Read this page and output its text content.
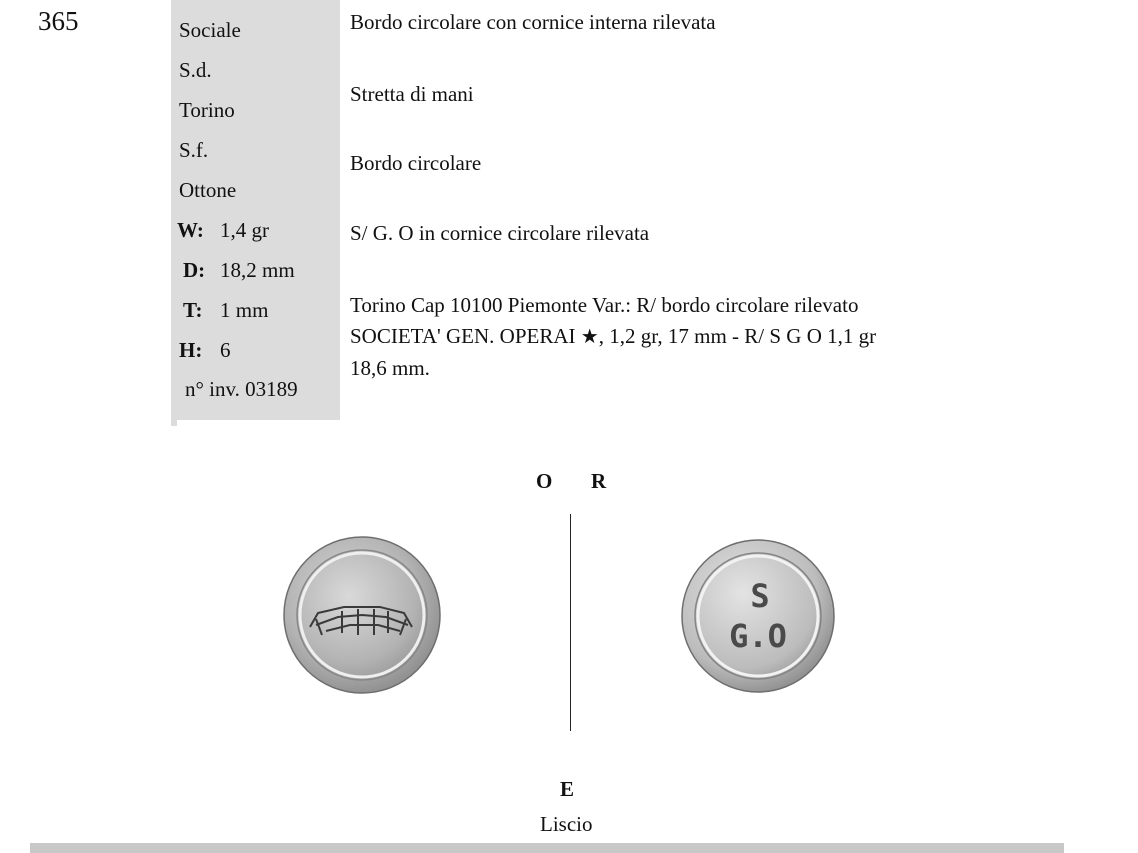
365	Sociale
S.d.
Torino
S.f.
Ottone
W: 1,4 gr
D: 18,2 mm
T: 1 mm
H: 6
n° inv. 03189
Bordo circolare con cornice interna rilevata
Stretta di mani
Bordo circolare
S/ G. O in cornice circolare rilevata
Torino Cap 10100 Piemonte Var.: R/ bordo circolare rilevato
SOCIETA' GEN. OPERAI ★, 1,2 gr, 17 mm - R/ S G O 1,1 gr
18,6 mm.
O R
S
G.O
E
Liscio
